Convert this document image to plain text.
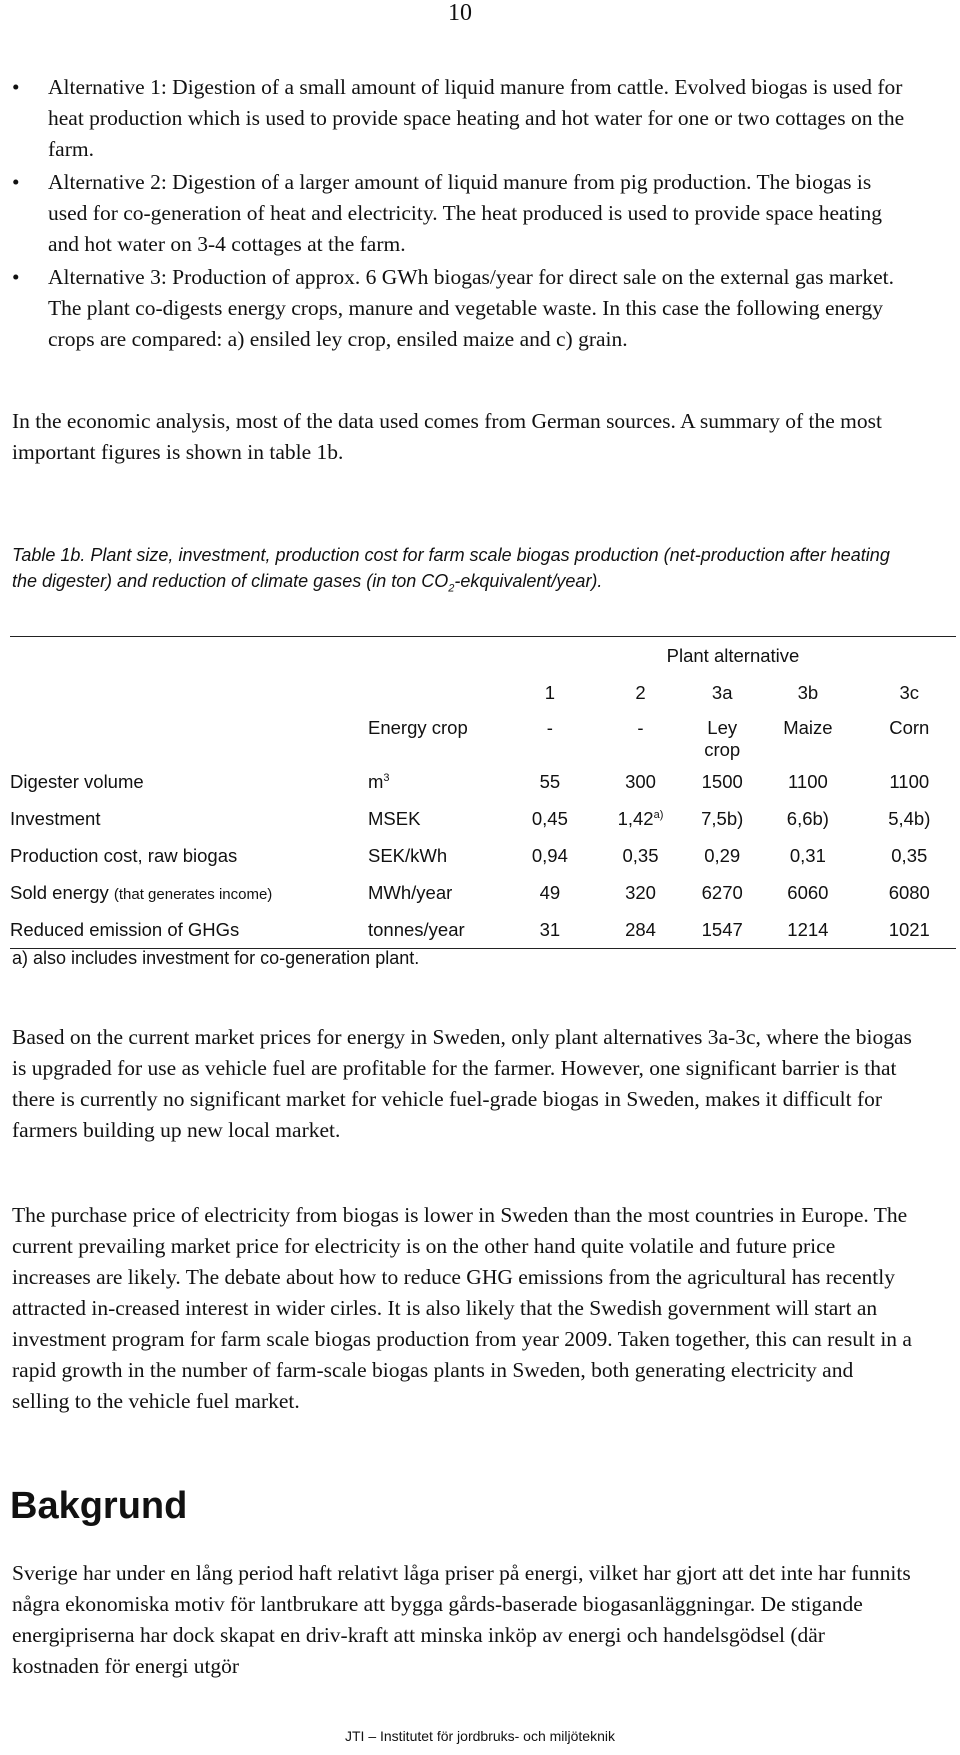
10
• Alternative 1: Digestion of a small amount of liquid manure from cattle. Evolved biogas is used for heat production which is used to provide space heating and hot water for one or two cottages on the farm.
• Alternative 2: Digestion of a larger amount of liquid manure from pig production. The biogas is used for co-generation of heat and electricity. The heat produced is used to provide space heating and hot water on 3-4 cottages at the farm.
• Alternative 3: Production of approx. 6 GWh biogas/year for direct sale on the external gas market. The plant co-digests energy crops, manure and vegetable waste. In this case the following energy crops are compared: a) ensiled ley crop, ensiled maize and c) grain.

In the economic analysis, most of the data used comes from German sources. A summary of the most important figures is shown in table 1b.

Table 1b. Plant size, investment, production cost for farm scale biogas production (net-production after heating the digester) and reduction of climate gases (in ton $CO_2-ekquivalent/year$).

		Plant alternative				
		1	2	3a	3b	3c
	Energy crop	-	-	Ley crop	Maize	Corn
Digester volume	$m^3$	55	300	1500	1100	1100
Investment	MSEK	0,45	1,42$^{a)}$	7,5b)	6,6b)	5,4b)
Production cost, raw biogas	SEK/kWh	0,94	0,35	0,29	0,31	0,35
Sold energy (that generates income)	MWh/year	49	320	6270	6060	6080
Reduced emission of GHGs	tonnes/year	31	284	1547	1214	1021
a) also includes investment for co-generation plant.

Based on the current market prices for energy in Sweden, only plant alternatives 3a-3c, where the biogas is upgraded for use as vehicle fuel are profitable for the farmer. However, one significant barrier is that there is currently no significant market for vehicle fuel-grade biogas in Sweden, makes it difficult for farmers building up new local market.

The purchase price of electricity from biogas is lower in Sweden than the most countries in Europe. The current prevailing market price for electricity is on the other hand quite volatile and future price increases are likely. The debate about how to reduce GHG emissions from the agricultural has recently attracted in-creased interest in wider cirles. It is also likely that the Swedish government will start an investment program for farm scale biogas production from year 2009. Taken together, this can result in a rapid growth in the number of farm-scale biogas plants in Sweden, both generating electricity and selling to the vehicle fuel market.

Bakgrund

Sverige har under en lång period haft relativt låga priser på energi, vilket har gjort att det inte har funnits några ekonomiska motiv för lantbrukare att bygga gårds-baserade biogasanläggningar. De stigande energipriserna har dock skapat en driv-kraft att minska inköp av energi och handelsgödsel (där kostnaden för energi utgör

JTI – Institutet för jordbruks- och miljöteknik
